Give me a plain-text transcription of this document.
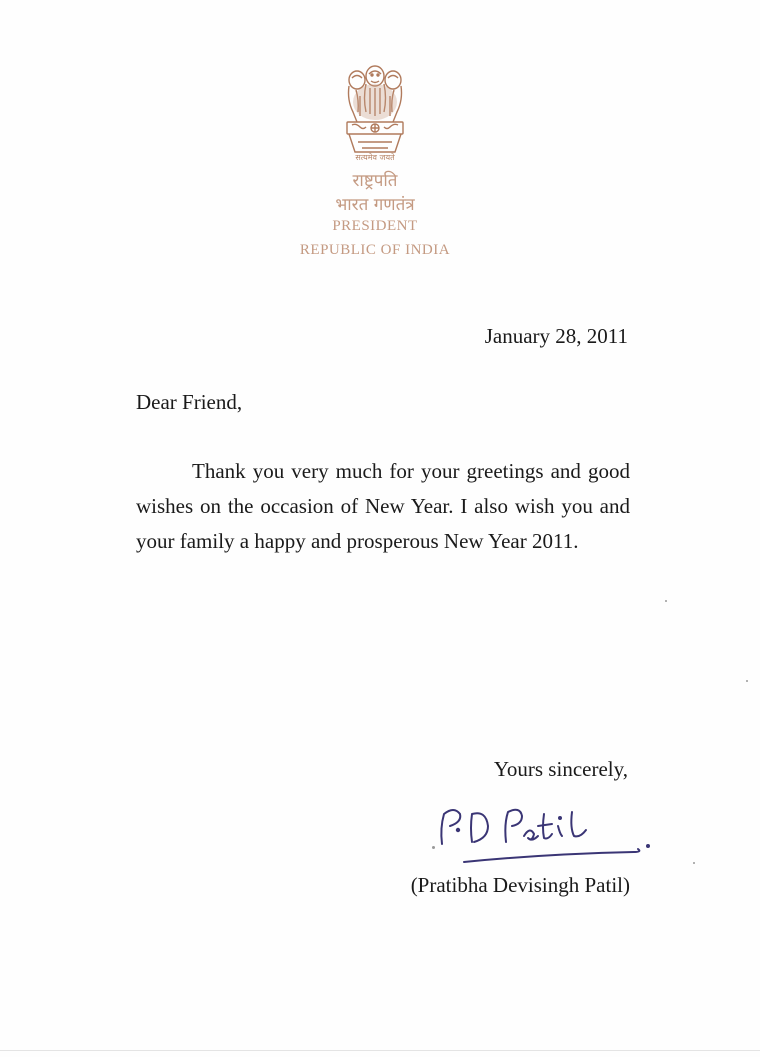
सत्यमेव जयते
राष्ट्रपति
भारत गणतंत्र
PRESIDENT
REPUBLIC OF INDIA
January 28, 2011
Dear Friend,

Thank you very much for your greetings and good wishes on the occasion of New Year. I also wish you and your family a happy and prosperous New Year 2011.

Yours sincerely,
(Pratibha Devisingh Patil)
